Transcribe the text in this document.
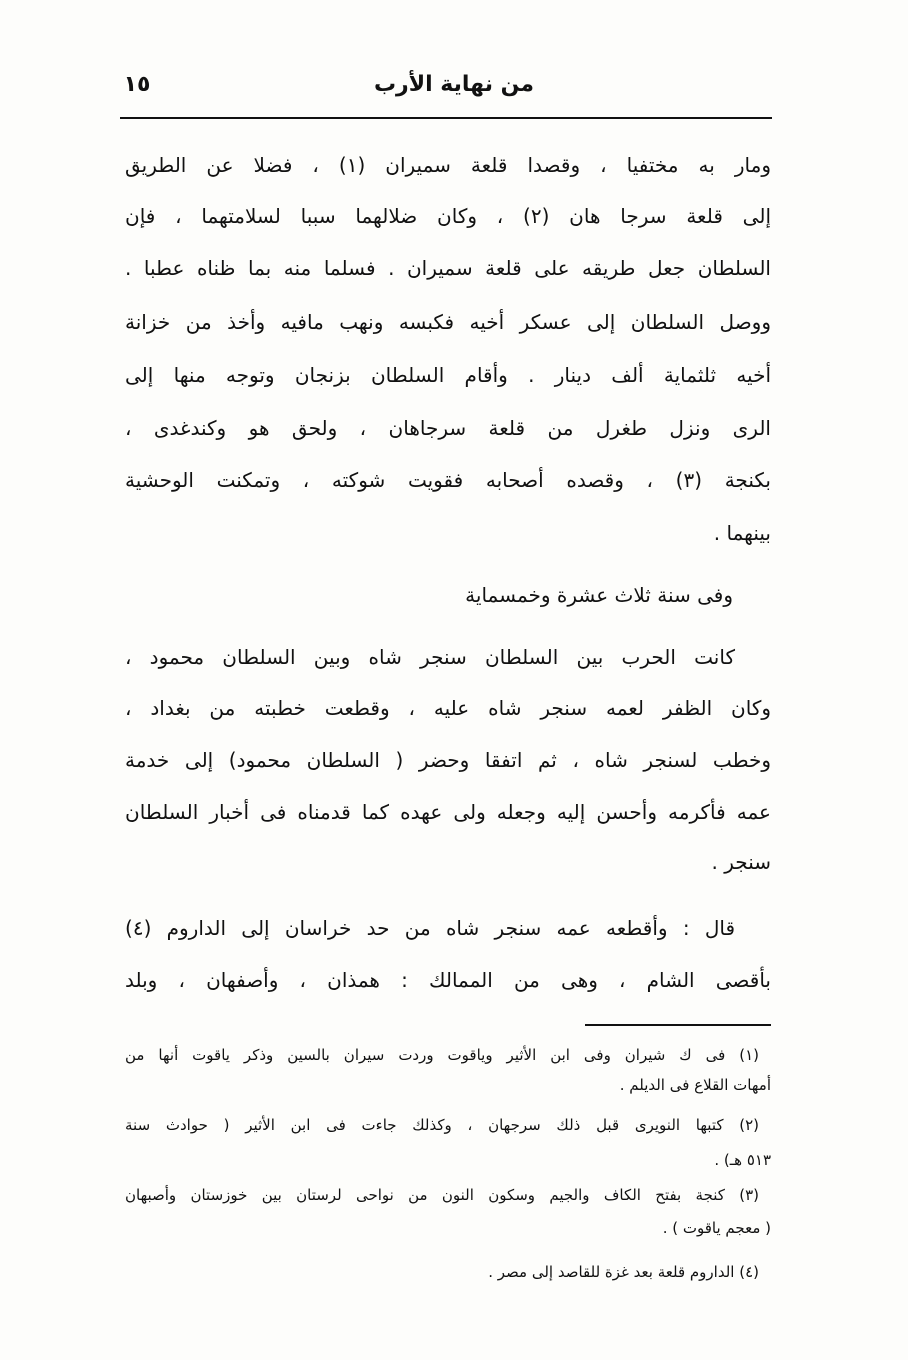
١٥	من نهاية الأرب
ومار به مختفيا ، وقصدا قلعة سميران (١) ، فضلا عن الطريق
إلى قلعة سرجا هان (٢) ، وكان ضلالهما سببا لسلامتهما ، فإن
السلطان جعل طريقه على قلعة سميران . فسلما منه بما ظناه عطبا .
ووصل السلطان إلى عسكر أخيه فكبسه ونهب مافيه وأخذ من خزانة
أخيه ثلثماية ألف دينار . وأقام السلطان بزنجان وتوجه منها إلى
الرى ونزل طغرل من قلعة سرجاهان ، ولحق هو وكندغدى ،
بكنجة (٣) ، وقصده أصحابه فقويت شوكته ، وتمكنت الوحشية
بينهما .
وفى سنة ثلاث عشرة وخمسماية
كانت الحرب بين السلطان سنجر شاه وبين السلطان محمود ،
وكان الظفر لعمه سنجر شاه عليه ، وقطعت خطبته من بغداد ،
وخطب لسنجر شاه ، ثم اتفقا وحضر ( السلطان محمود) إلى خدمة
عمه فأكرمه وأحسن إليه وجعله ولى عهده كما قدمناه فى أخبار السلطان
سنجر .
قال : وأقطعه عمه سنجر شاه من حد خراسان إلى الداروم (٤)
بأقصى الشام ، وهى من الممالك : همذان ، وأصفهان ، وبلد
(١) فى ك شيران وفى ابن الأثير وياقوت وردت سيران بالسين وذكر ياقوت أنها من
أمهات القلاع فى الديلم .
(٢) كتبها النويرى قبل ذلك سرجهان ، وكذلك جاءت فى ابن الأثير ( حوادث سنة
٥١٣ هـ) .
(٣) كنجة بفتح الكاف والجيم وسكون النون من نواحى لرستان بين خوزستان وأصبهان
( معجم ياقوت ) .
(٤) الداروم قلعة بعد غزة للقاصد إلى مصر .
